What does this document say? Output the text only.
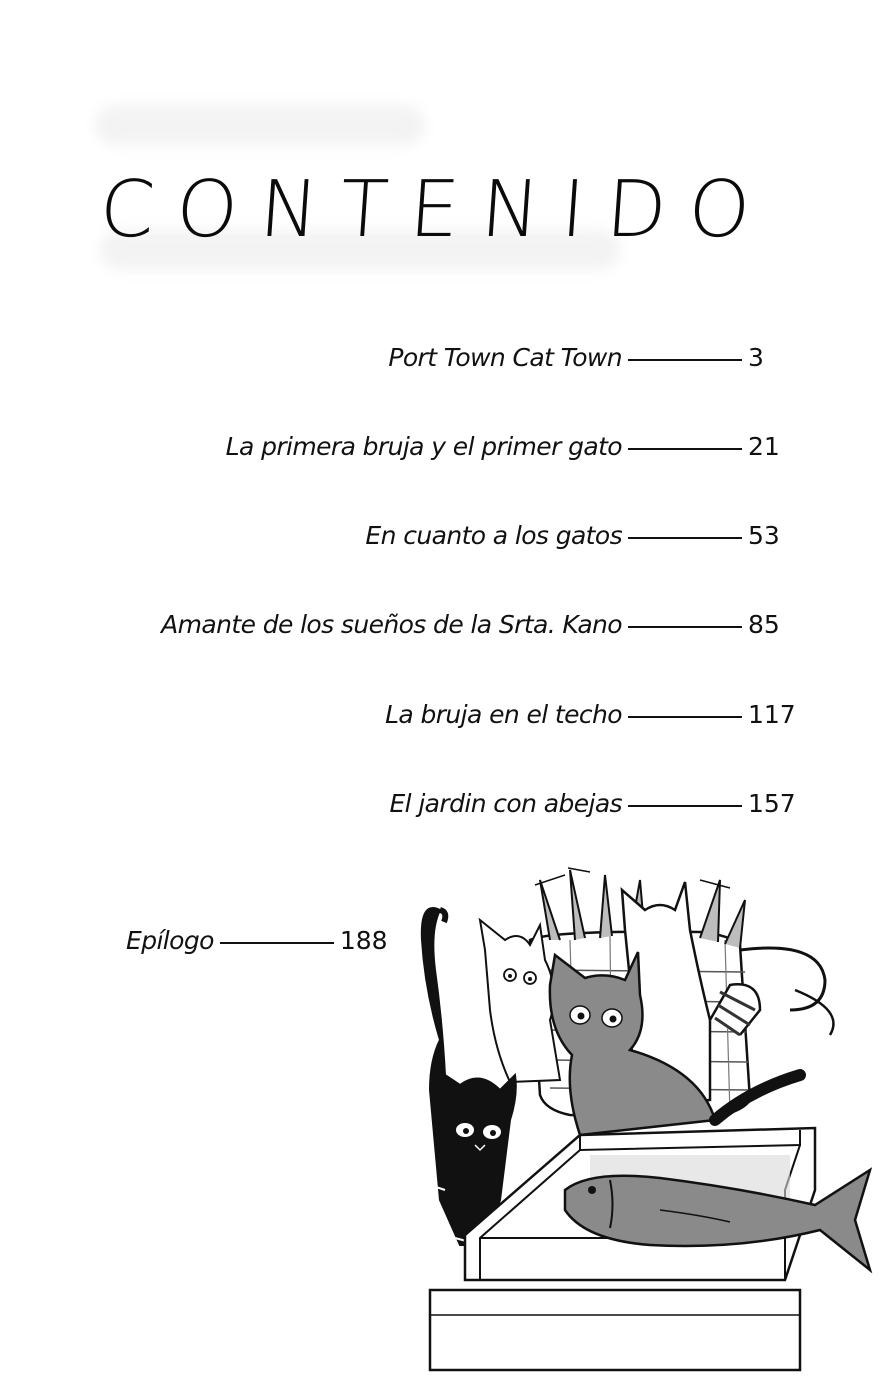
CONTENIDO
Port Town Cat Town	3
La primera bruja y el primer gato	21
En cuanto a los gatos	53
Amante de los sueños de la Srta. Kano	85
La bruja en el techo	117
El jardin con abejas	157
Epílogo	188
